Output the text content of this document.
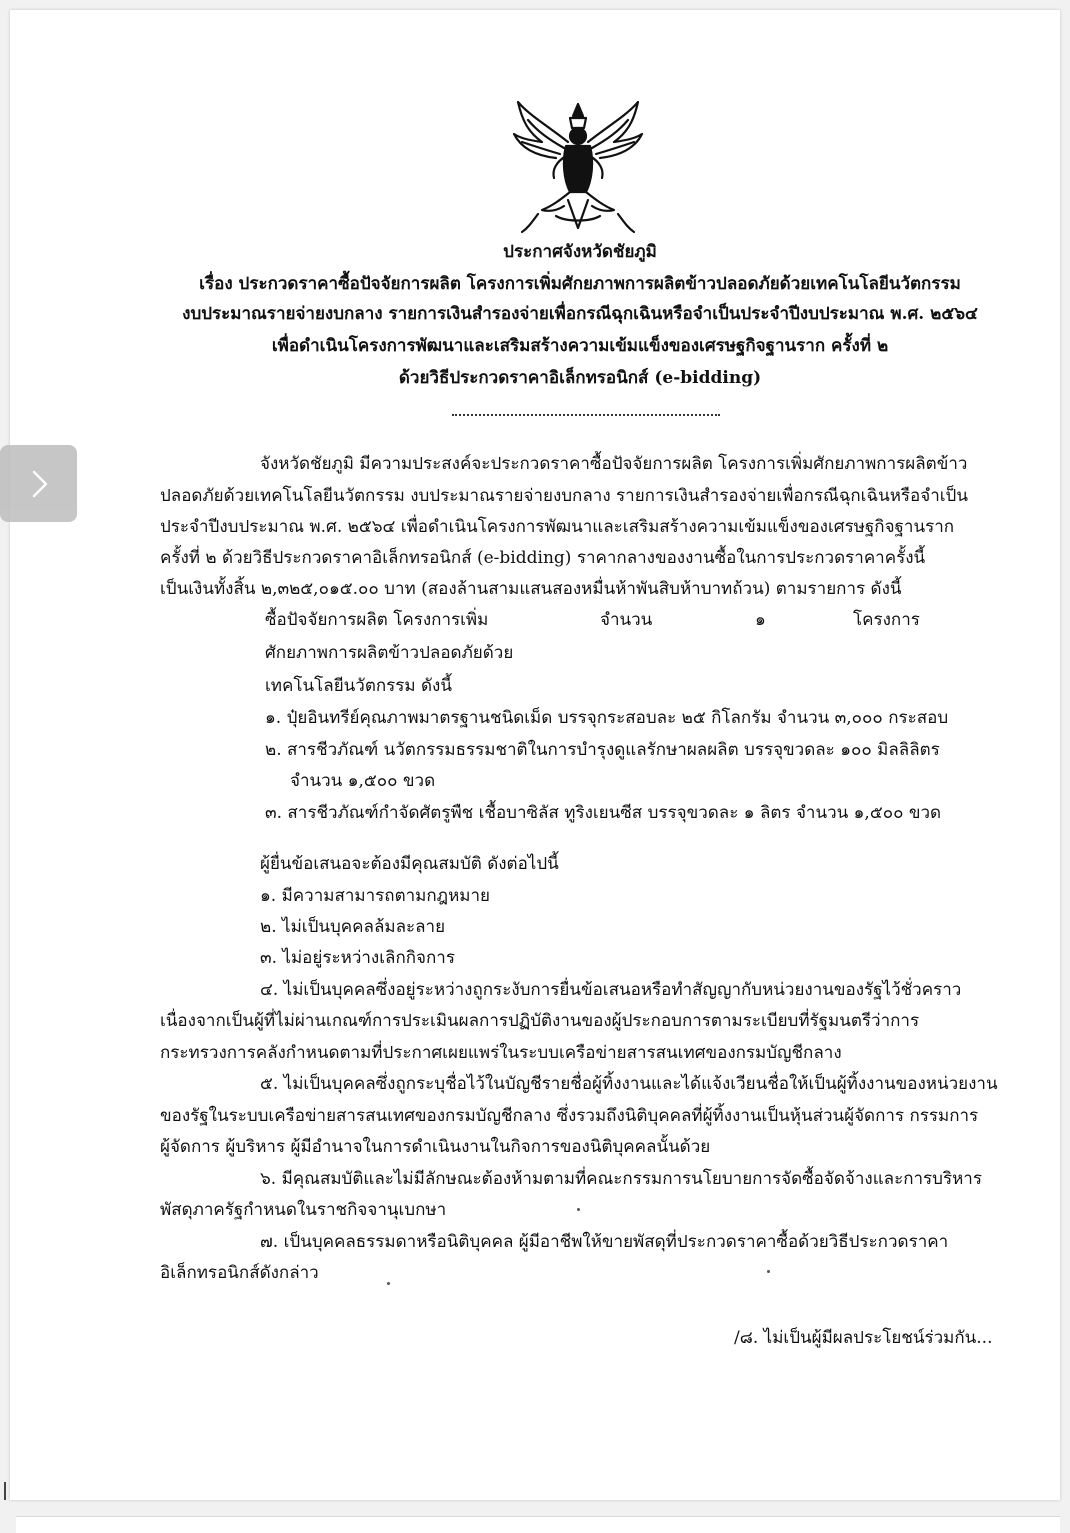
ประกาศจังหวัดชัยภูมิ
เรื่อง ประกวดราคาซื้อปัจจัยการผลิต โครงการเพิ่มศักยภาพการผลิตข้าวปลอดภัยด้วยเทคโนโลยีนวัตกรรม
งบประมาณรายจ่ายงบกลาง รายการเงินสำรองจ่ายเพื่อกรณีฉุกเฉินหรือจำเป็นประจำปีงบประมาณ พ.ศ. ๒๕๖๔
เพื่อดำเนินโครงการพัฒนาและเสริมสร้างความเข้มแข็งของเศรษฐกิจฐานราก ครั้งที่ ๒
ด้วยวิธีประกวดราคาอิเล็กทรอนิกส์ (e-bidding)
จังหวัดชัยภูมิ มีความประสงค์จะประกวดราคาซื้อปัจจัยการผลิต โครงการเพิ่มศักยภาพการผลิตข้าว
ปลอดภัยด้วยเทคโนโลยีนวัตกรรม งบประมาณรายจ่ายงบกลาง รายการเงินสำรองจ่ายเพื่อกรณีฉุกเฉินหรือจำเป็น
ประจำปีงบประมาณ พ.ศ. ๒๕๖๔ เพื่อดำเนินโครงการพัฒนาและเสริมสร้างความเข้มแข็งของเศรษฐกิจฐานราก
ครั้งที่ ๒ ด้วยวิธีประกวดราคาอิเล็กทรอนิกส์ (e-bidding) ราคากลางของงานซื้อในการประกวดราคาครั้งนี้
เป็นเงินทั้งสิ้น ๒,๓๒๕,๐๑๕.๐๐ บาท (สองล้านสามแสนสองหมื่นห้าพันสิบห้าบาทถ้วน) ตามรายการ ดังนี้
ซื้อปัจจัยการผลิต โครงการเพิ่ม	จำนวน	๑	โครงการ
ศักยภาพการผลิตข้าวปลอดภัยด้วย
เทคโนโลยีนวัตกรรม ดังนี้
๑. ปุ๋ยอินทรีย์คุณภาพมาตรฐานชนิดเม็ด บรรจุกระสอบละ ๒๕ กิโลกรัม จำนวน ๓,๐๐๐ กระสอบ
๒. สารชีวภัณฑ์ นวัตกรรมธรรมชาติในการบำรุงดูแลรักษาผลผลิต บรรจุขวดละ ๑๐๐ มิลลิลิตร
จำนวน ๑,๕๐๐ ขวด
๓. สารชีวภัณฑ์กำจัดศัตรูพืช เชื้อบาซิลัส ทูริงเยนซีส บรรจุขวดละ ๑ ลิตร จำนวน ๑,๕๐๐ ขวด
ผู้ยื่นข้อเสนอจะต้องมีคุณสมบัติ ดังต่อไปนี้
๑. มีความสามารถตามกฎหมาย
๒. ไม่เป็นบุคคลล้มละลาย
๓. ไม่อยู่ระหว่างเลิกกิจการ
๔. ไม่เป็นบุคคลซึ่งอยู่ระหว่างถูกระงับการยื่นข้อเสนอหรือทำสัญญากับหน่วยงานของรัฐไว้ชั่วคราว
เนื่องจากเป็นผู้ที่ไม่ผ่านเกณฑ์การประเมินผลการปฏิบัติงานของผู้ประกอบการตามระเบียบที่รัฐมนตรีว่าการ
กระทรวงการคลังกำหนดตามที่ประกาศเผยแพร่ในระบบเครือข่ายสารสนเทศของกรมบัญชีกลาง
๕. ไม่เป็นบุคคลซึ่งถูกระบุชื่อไว้ในบัญชีรายชื่อผู้ทิ้งงานและได้แจ้งเวียนชื่อให้เป็นผู้ทิ้งงานของหน่วยงาน
ของรัฐในระบบเครือข่ายสารสนเทศของกรมบัญชีกลาง ซึ่งรวมถึงนิติบุคคลที่ผู้ทิ้งงานเป็นหุ้นส่วนผู้จัดการ กรรมการ
ผู้จัดการ ผู้บริหาร ผู้มีอำนาจในการดำเนินงานในกิจการของนิติบุคคลนั้นด้วย
๖. มีคุณสมบัติและไม่มีลักษณะต้องห้ามตามที่คณะกรรมการนโยบายการจัดซื้อจัดจ้างและการบริหาร
พัสดุภาครัฐกำหนดในราชกิจจานุเบกษา
๗. เป็นบุคคลธรรมดาหรือนิติบุคคล ผู้มีอาชีพให้ขายพัสดุที่ประกวดราคาซื้อด้วยวิธีประกวดราคา
อิเล็กทรอนิกส์ดังกล่าว
/๘. ไม่เป็นผู้มีผลประโยชน์ร่วมกัน...
